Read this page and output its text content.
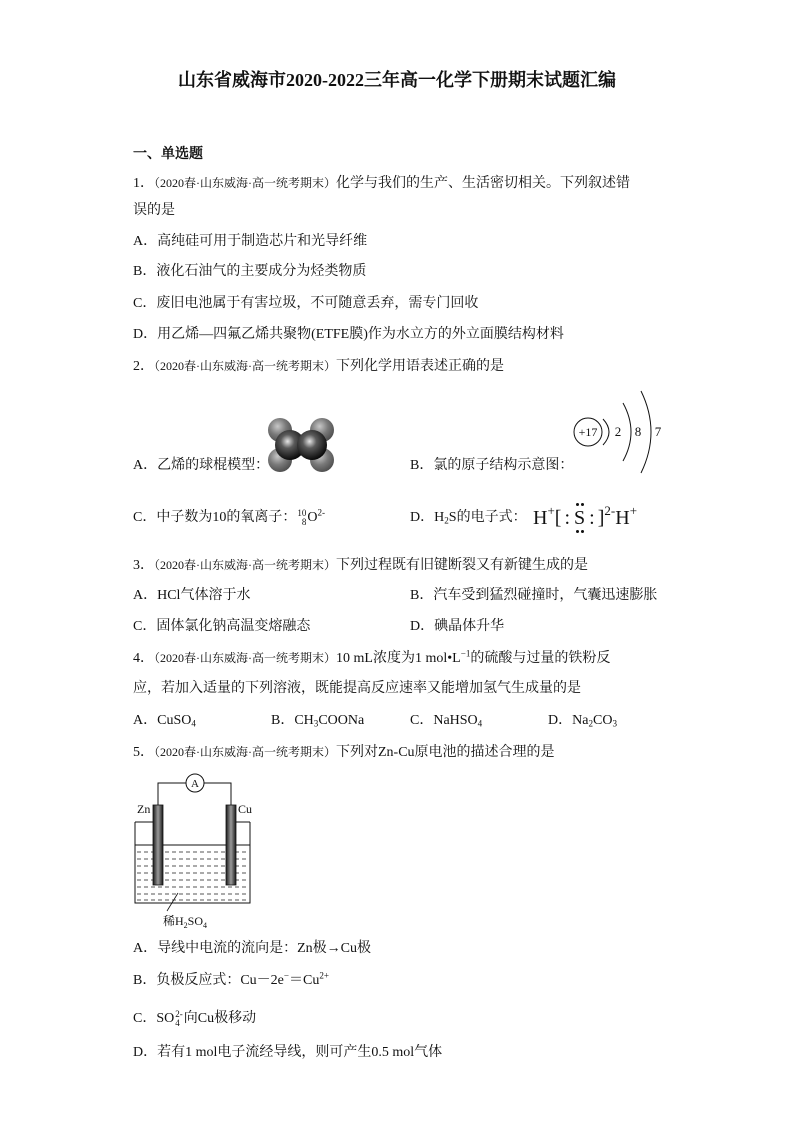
山东省威海市2020-2022三年高一化学下册期末试题汇编
一、单选题
1．（2020春·山东威海·高一统考期末）化学与我们的生产、生活密切相关。下列叙述错
误的是
A．高纯硅可用于制造芯片和光导纤维
B．液化石油气的主要成分为烃类物质
C．废旧电池属于有害垃圾，不可随意丢弃，需专门回收
D．用乙烯—四氟乙烯共聚物(ETFE膜)作为水立方的外立面膜结构材料
2．（2020春·山东威海·高一统考期末）下列化学用语表述正确的是
A．乙烯的球棍模型：	B．氯的原子结构示意图：
+17 2 8 7
C．中子数为10的氧离子： 10
8 $O^{2-}$	D．$H_2S$的电子式： H+[ : S : ]$^{2-}$H+
3．（2020春·山东威海·高一统考期末）下列过程既有旧键断裂又有新键生成的是
A．HCl气体溶于水	B．汽车受到猛烈碰撞时，气囊迅速膨胀
C．固体氯化钠高温变熔融态	D．碘晶体升华
4．（2020春·山东威海·高一统考期末）10 mL浓度为1 $mol•L^{-1}$的硫酸与过量的铁粉反
应，若加入适量的下列溶液，既能提高反应速率又能增加氢气生成量的是
A．CuSO$_4$	B．$CH_3COONa$	C．NaHSO$_4$	D．$Na_2CO_3$
5．（2020春·山东威海·高一统考期末）下列对Zn-Cu原电池的描述合理的是
A
Zn	Cu
稀$H_2SO_4$
A．导线中电流的流向是：Zn极→Cu极
B．负极反应式：$Cu-2e^-=Cu^{2+}$
C．SO 2-
4 向Cu极移动
D．若有1 mol电子流经导线，则可产生0.5 mol气体
